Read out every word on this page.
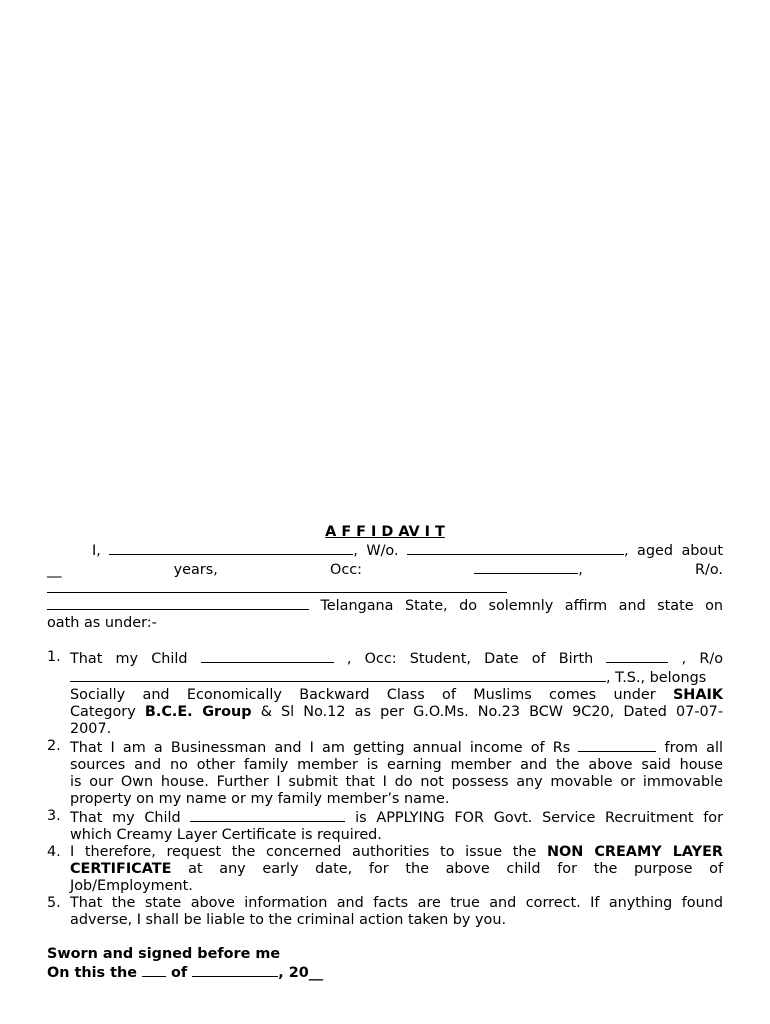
A F F I D AV I T

I,	, W/o.	, aged about
__	years,	Occ:	,	R/o.
Telangana State, do solemnly affirm and state on
oath as under:-
1. That my Child	, Occ: Student, Date of Birth	, R/o
, T.S., belongs
Socially and Economically Backward Class of Muslims comes under SHAIK
Category B.C.E. Group & Sl No.12 as per G.O.Ms. No.23 BCW 9C20, Dated 07-07-
2007.
2. That I am a Businessman and I am getting annual income of Rs	from all
sources and no other family member is earning member and the above said house
is our Own house. Further I submit that I do not possess any movable or immovable
property on my name or my family member’s name.
3. That my Child	is APPLYING FOR Govt. Service Recruitment for
which Creamy Layer Certificate is required.
4. I therefore, request the concerned authorities to issue the NON CREAMY LAYER
CERTIFICATE at any early date, for the above child for the purpose of
Job/Employment.
5. That the state above information and facts are true and correct. If anything found
adverse, I shall be liable to the criminal action taken by you.

Sworn and signed before me

On this the of	, 20__
